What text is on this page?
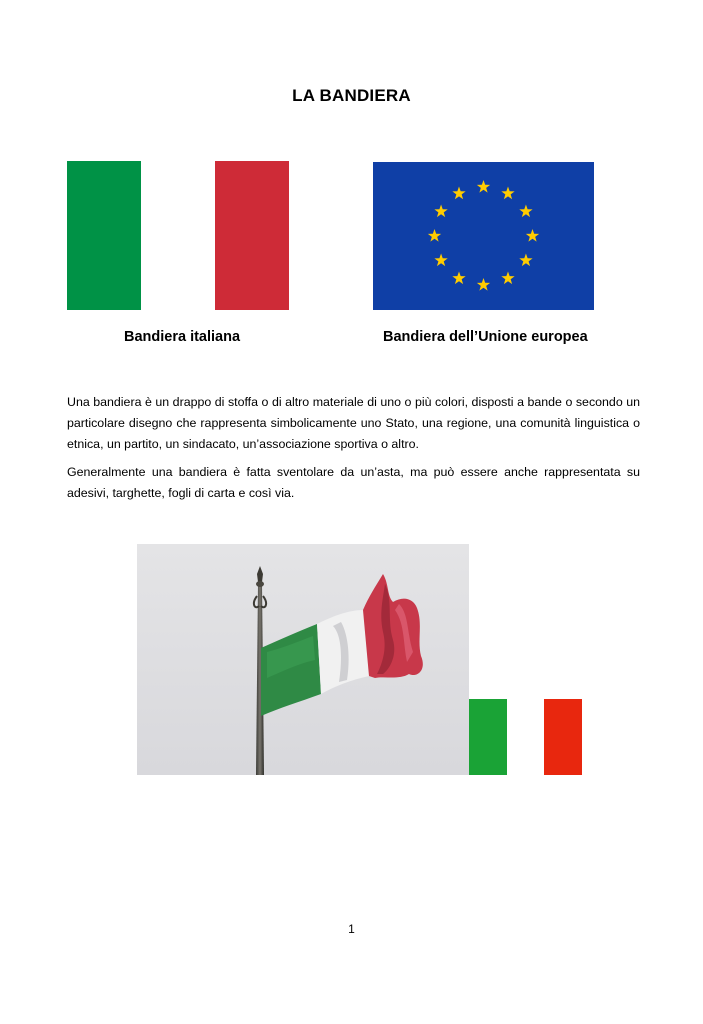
LA BANDIERA
Bandiera italiana	Bandiera dell’Unione europea

Una bandiera è un drappo di stoffa o di altro materiale di uno o più colori, disposti a bande o secondo un particolare disegno che rappresenta simbolicamente uno Stato, una regione, una comunità linguistica o etnica, un partito, un sindacato, un’associazione sportiva o altro.

Generalmente una bandiera è fatta sventolare da un’asta, ma può essere anche rappresentata su adesivi, targhette, fogli di carta e così via.

1
